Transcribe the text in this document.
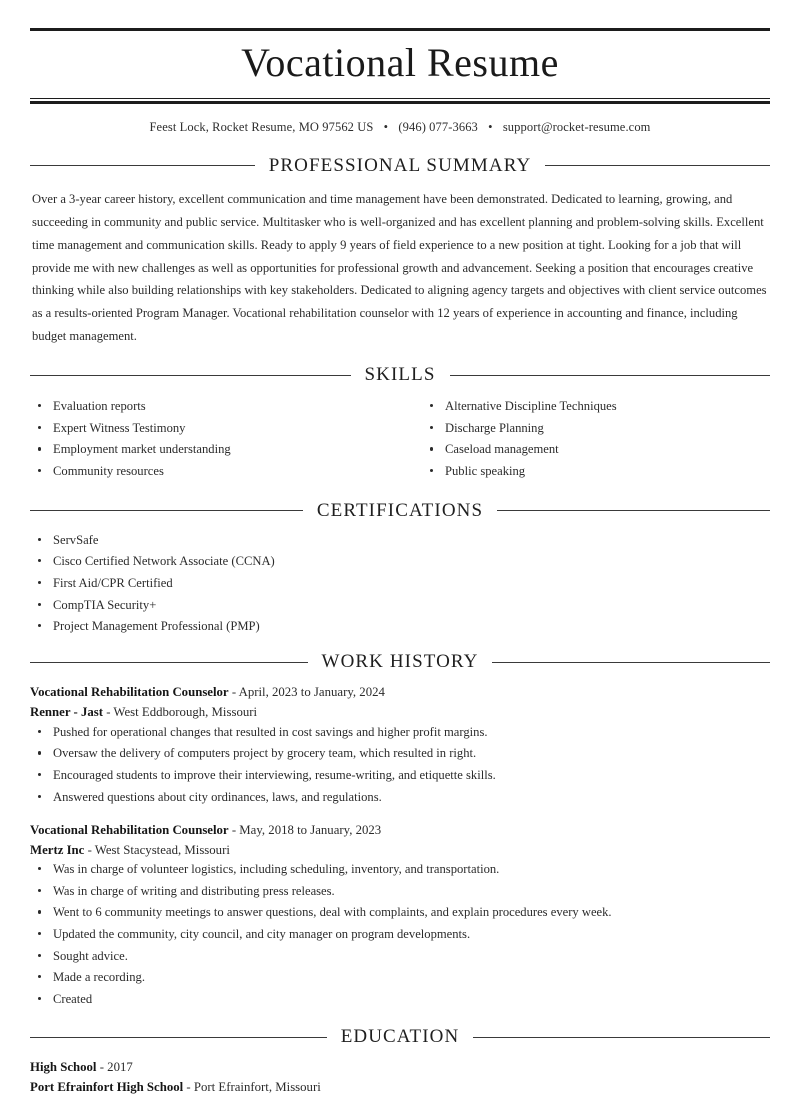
Vocational Resume
Feest Lock, Rocket Resume, MO 97562 US • (946) 077-3663 • support@rocket-resume.com
PROFESSIONAL SUMMARY

Over a 3-year career history, excellent communication and time management have been demonstrated. Dedicated to learning, growing, and succeeding in community and public service. Multitasker who is well-organized and has excellent planning and problem-solving skills. Excellent time management and communication skills. Ready to apply 9 years of field experience to a new position at tight. Looking for a job that will provide me with new challenges as well as opportunities for professional growth and advancement. Seeking a position that encourages creative thinking while also building relationships with key stakeholders. Dedicated to aligning agency targets and objectives with client service outcomes as a results-oriented Program Manager. Vocational rehabilitation counselor with 12 years of experience in accounting and finance, including budget management.

SKILLS
Evaluation reports
Expert Witness Testimony
Employment market understanding
Community resources
Alternative Discipline Techniques
Discharge Planning
Caseload management
Public speaking
CERTIFICATIONS
ServSafe
Cisco Certified Network Associate (CCNA)
First Aid/CPR Certified
CompTIA Security+
Project Management Professional (PMP)
WORK HISTORY
Vocational Rehabilitation Counselor - April, 2023 to January, 2024
Renner - Jast - West Eddborough, Missouri
Pushed for operational changes that resulted in cost savings and higher profit margins.
Oversaw the delivery of computers project by grocery team, which resulted in right.
Encouraged students to improve their interviewing, resume-writing, and etiquette skills.
Answered questions about city ordinances, laws, and regulations.
Vocational Rehabilitation Counselor - May, 2018 to January, 2023
Mertz Inc - West Stacystead, Missouri
Was in charge of volunteer logistics, including scheduling, inventory, and transportation.
Was in charge of writing and distributing press releases.
Went to 6 community meetings to answer questions, deal with complaints, and explain procedures every week.
Updated the community, city council, and city manager on program developments.
Sought advice.
Made a recording.
Created
EDUCATION
High School - 2017
Port Efrainfort High School - Port Efrainfort, Missouri
